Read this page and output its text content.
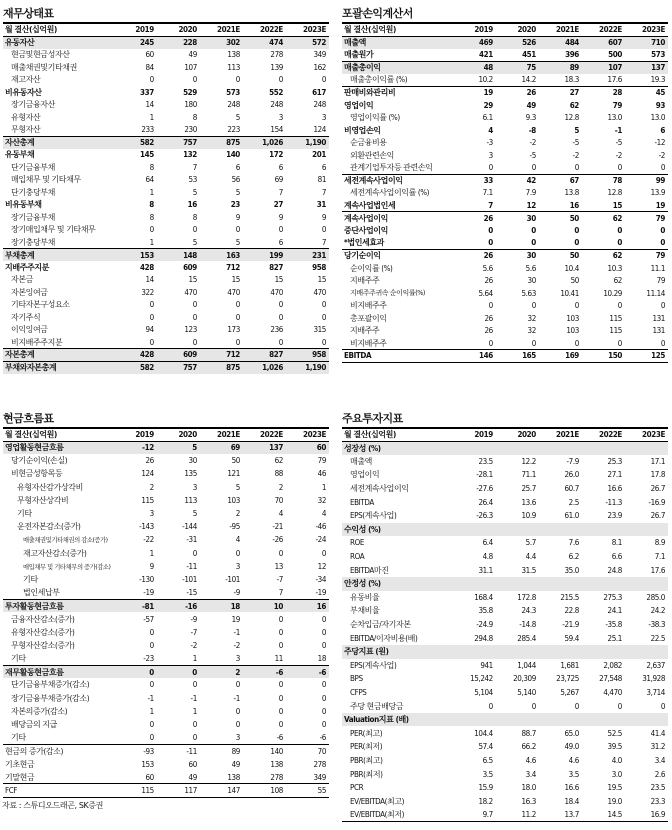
재무상태표
월 결산(십억원)	2019	2020	2021E	2022E	2023E
유동자산	245	228	302	474	572
현금및현금성자산	60	49	138	278	349
매출채권및기타채권	84	107	113	139	162
재고자산	0	0	0	0	0
비유동자산	337	529	573	552	617
장기금융자산	14	180	248	248	248
유형자산	1	8	5	3	3
무형자산	233	230	223	154	124
자산총계	582	757	875	1,026	1,190
유동부채	145	132	140	172	201
단기금융부채	8	7	6	6	6
매입채무 및 기타채무	64	53	56	69	81
단기충당부채	1	5	5	7	7
비유동부채	8	16	23	27	31
장기금융부채	8	8	9	9	9
장기매입채무 및 기타채무	0	0	0	0	0
장기충당부채	1	5	5	6	7
부채총계	153	148	163	199	231
지배주주지분	428	609	712	827	958
자본금	14	15	15	15	15
자본잉여금	322	470	470	470	470
기타자본구성요소	0	0	0	0	0
자기주식	0	0	0	0	0
이익잉여금	94	123	173	236	315
비지배주주지분	0	0	0	0	0
자본총계	428	609	712	827	958
부채와자본총계	582	757	875	1,026	1,190
포괄손익계산서
월 결산(십억원)	2019	2020	2021E	2022E	2023E
매출액	469	526	484	607	710
매출원가	421	451	396	500	573
매출총이익	48	75	89	107	137
매출총이익률 (%)	10.2	14.2	18.3	17.6	19.3
판매비와관리비	19	26	27	28	45
영업이익	29	49	62	79	93
영업이익률 (%)	6.1	9.3	12.8	13.0	13.0
비영업손익	4	-8	5	-1	6
순금융비용	-3	-2	-5	-5	-12
외환관련손익	3	-5	-2	-2	-2
관계기업투자등 관련손익	0	0	0	0	0
세전계속사업이익	33	42	67	78	99
세전계속사업이익률 (%)	7.1	7.9	13.8	12.8	13.9
계속사업법인세	7	12	16	15	19
계속사업이익	26	30	50	62	79
중단사업이익	0	0	0	0	0
*법인세효과	0	0	0	0	0
당기순이익	26	30	50	62	79
순이익률 (%)	5.6	5.6	10.4	10.3	11.1
지배주주	26	30	50	62	79
지배주주귀속 순이익률(%)	5.64	5.63	10.41	10.29	11.14
비지배주주	0	0	0	0	0
총포괄이익	26	32	103	115	131
지배주주	26	32	103	115	131
비지배주주	0	0	0	0	0
EBITDA	146	165	169	150	125
현금흐름표
월 결산(십억원)	2019	2020	2021E	2022E	2023E
영업활동현금흐름	-12	5	69	137	60
당기순이익(손실)	26	30	50	62	79
비현금성항목등	124	135	121	88	46
유형자산감가상각비	2	3	5	2	1
무형자산상각비	115	113	103	70	32
기타	3	5	2	4	4
운전자본감소(증가)	-143	-144	-95	-21	-46
매출채권및기타채권의 감소(증가)	-22	-31	4	-26	-24
재고자산감소(증가)	1	0	0	0	0
매입채무 및 기타채무의 증가(감소)	9	-11	3	13	12
기타	-130	-101	-101	-7	-34
법인세납부	-19	-15	-9	7	-19
투자활동현금흐름	-81	-16	18	10	16
금융자산감소(증가)	-57	-9	19	0	0
유형자산감소(증가)	0	-7	-1	0	0
무형자산감소(증가)	0	-2	-2	0	0
기타	-23	1	3	11	18
재무활동현금흐름	0	0	2	-6	-6
단기금융부채증가(감소)	0	0	0	0	0
장기금융부채증가(감소)	-1	-1	-1	0	0
자본의증가(감소)	1	1	0	0	0
배당금의 지급	0	0	0	0	0
기타	0	0	3	-6	-6
현금의 증가(감소)	-93	-11	89	140	70
기초현금	153	60	49	138	278
기말현금	60	49	138	278	349
FCF	115	117	147	108	55
주요투자지표
월 결산(십억원)	2019	2020	2021E	2022E	2023E
성장성 (%)					
매출액	23.5	12.2	-7.9	25.3	17.1
영업이익	-28.1	71.1	26.0	27.1	17.8
세전계속사업이익	-27.6	25.7	60.7	16.6	26.7
EBITDA	26.4	13.6	2.5	-11.3	-16.9
EPS(계속사업)	-26.3	10.9	61.0	23.9	26.7
수익성 (%)					
ROE	6.4	5.7	7.6	8.1	8.9
ROA	4.8	4.4	6.2	6.6	7.1
EBITDA마진	31.1	31.5	35.0	24.8	17.6
안정성 (%)					
유동비율	168.4	172.8	215.5	275.3	285.0
부채비율	35.8	24.3	22.8	24.1	24.2
순차입금/자기자본	-24.9	-14.8	-21.9	-35.8	-38.3
EBITDA/이자비용(배)	294.8	285.4	59.4	25.1	22.5
주당지표 (원)					
EPS(계속사업)	941	1,044	1,681	2,082	2,637
BPS	15,242	20,309	23,725	27,548	31,928
CFPS	5,104	5,140	5,267	4,470	3,714
주당 현금배당금	0	0	0	0	0
Valuation지표 (배)					
PER(최고)	104.4	88.7	65.0	52.5	41.4
PER(최저)	57.4	66.2	49.0	39.5	31.2
PBR(최고)	6.5	4.6	4.6	4.0	3.4
PBR(최저)	3.5	3.4	3.5	3.0	2.6
PCR	15.9	18.0	16.6	19.5	23.5
EV/EBITDA(최고)	18.2	16.3	18.4	19.0	23.3
EV/EBITDA(최저)	9.7	11.2	13.7	14.5	16.9
자료 : 스튜디오드래곤, SK증권
